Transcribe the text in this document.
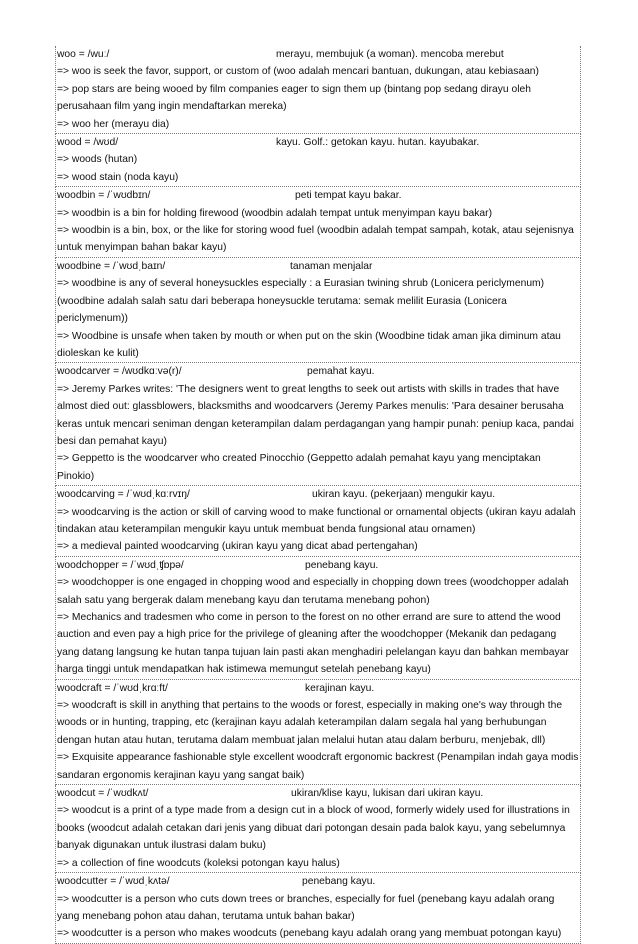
woo = /wuː/	merayu, membujuk (a woman). mencoba merebut
=> woo is seek the favor, support, or custom of (woo adalah mencari bantuan, dukungan, atau kebiasaan)
=> pop stars are being wooed by film companies eager to sign them up (bintang pop sedang dirayu oleh perusahaan film yang ingin mendaftarkan mereka)
=> woo her (merayu dia)
wood = /wʊd/	kayu. Golf.: getokan kayu. hutan. kayubakar.
=> woods (hutan)
=> wood stain (noda kayu)
woodbin = /ˈwʊdbɪn/	peti tempat kayu bakar.
=> woodbin is a bin for holding firewood (woodbin adalah tempat untuk menyimpan kayu bakar)
=> woodbin is a bin, box, or the like for storing wood fuel (woodbin adalah tempat sampah, kotak, atau sejenisnya untuk menyimpan bahan bakar kayu)
woodbine = /ˈwʊdˌbaɪn/	tanaman menjalar
=> woodbine is any of several honeysuckles especially : a Eurasian twining shrub (Lonicera periclymenum) (woodbine adalah salah satu dari beberapa honeysuckle terutama: semak melilit Eurasia (Lonicera periclymenum))
=> Woodbine is unsafe when taken by mouth or when put on the skin (Woodbine tidak aman jika diminum atau dioleskan ke kulit)
woodcarver = /wʊdkɑːvə(r)/	pemahat kayu.
=> Jeremy Parkes writes: 'The designers went to great lengths to seek out artists with skills in trades that have almost died out: glassblowers, blacksmiths and woodcarvers (Jeremy Parkes menulis: 'Para desainer berusaha keras untuk mencari seniman dengan keterampilan dalam perdagangan yang hampir punah: peniup kaca, pandai besi dan pemahat kayu)
=> Geppetto is the woodcarver who created Pinocchio (Geppetto adalah pemahat kayu yang menciptakan Pinokio)
woodcarving = /ˈwʊdˌkɑːrvɪŋ/	ukiran kayu. (pekerjaan) mengukir kayu.
=> woodcarving is the action or skill of carving wood to make functional or ornamental objects (ukiran kayu adalah tindakan atau keterampilan mengukir kayu untuk membuat benda fungsional atau ornamen)
=> a medieval painted woodcarving (ukiran kayu yang dicat abad pertengahan)
woodchopper = /ˈwʊdˌʧɒpə/	penebang kayu.
=> woodchopper is one engaged in chopping wood and especially in chopping down trees (woodchopper adalah salah satu yang bergerak dalam menebang kayu dan terutama menebang pohon)
=> Mechanics and tradesmen who come in person to the forest on no other errand are sure to attend the wood auction and even pay a high price for the privilege of gleaning after the woodchopper (Mekanik dan pedagang yang datang langsung ke hutan tanpa tujuan lain pasti akan menghadiri pelelangan kayu dan bahkan membayar harga tinggi untuk mendapatkan hak istimewa memungut setelah penebang kayu)
woodcraft = /ˈwʊdˌkrɑːft/	kerajinan kayu.
=> woodcraft is skill in anything that pertains to the woods or forest, especially in making one's way through the woods or in hunting, trapping, etc (kerajinan kayu adalah keterampilan dalam segala hal yang berhubungan dengan hutan atau hutan, terutama dalam membuat jalan melalui hutan atau dalam berburu, menjebak, dll)
=> Exquisite appearance fashionable style excellent woodcraft ergonomic backrest (Penampilan indah gaya modis sandaran ergonomis kerajinan kayu yang sangat baik)
woodcut = /ˈwʊdkʌt/	ukiran/klise kayu, lukisan dari ukiran kayu.
=> woodcut is a print of a type made from a design cut in a block of wood, formerly widely used for illustrations in books (woodcut adalah cetakan dari jenis yang dibuat dari potongan desain pada balok kayu, yang sebelumnya banyak digunakan untuk ilustrasi dalam buku)
=> a collection of fine woodcuts (koleksi potongan kayu halus)
woodcutter = /ˈwʊdˌkʌtə/	penebang kayu.
=> woodcutter is a person who cuts down trees or branches, especially for fuel (penebang kayu adalah orang yang menebang pohon atau dahan, terutama untuk bahan bakar)
=> woodcutter is a person who makes woodcuts (penebang kayu adalah orang yang membuat potongan kayu)
